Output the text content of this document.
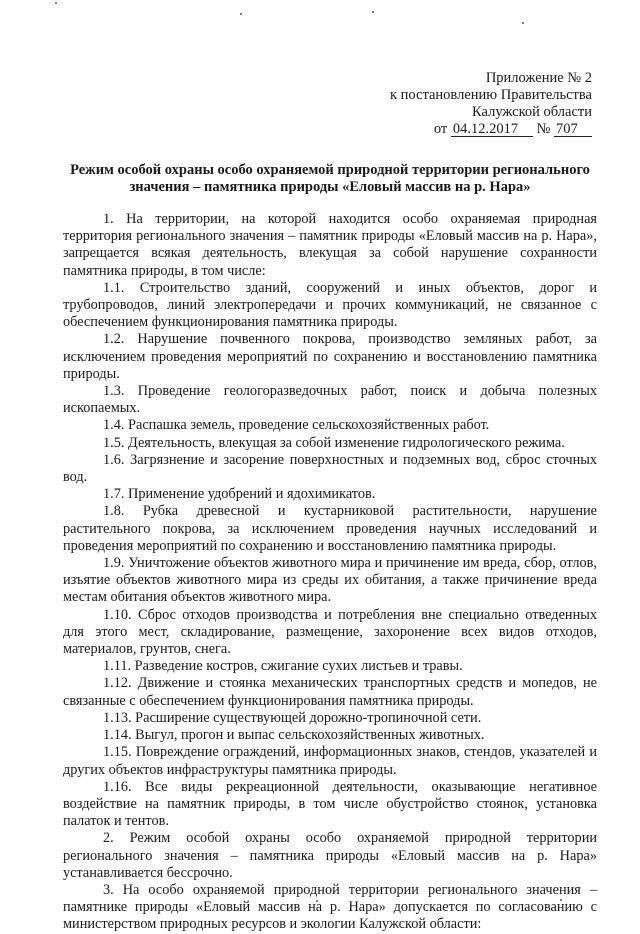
Приложение № 2
к постановлению Правительства
Калужской области
от 04.12.2017 № 707
Режим особой охраны особо охраняемой природной территории регионального
значения – памятника природы «Еловый массив на р. Нара»

1. На территории, на которой находится особо охраняемая природная территория регионального значения – памятник природы «Еловый массив на р. Нара», запрещается всякая деятельность, влекущая за собой нарушение сохранности памятника природы, в том числе:

1.1. Строительство зданий, сооружений и иных объектов, дорог и трубопроводов, линий электропередачи и прочих коммуникаций, не связанное с обеспечением функционирования памятника природы.

1.2. Нарушение почвенного покрова, производство земляных работ, за исключением проведения мероприятий по сохранению и восстановлению памятника природы.

1.3. Проведение геологоразведочных работ, поиск и добыча полезных ископаемых.

1.4. Распашка земель, проведение сельскохозяйственных работ.

1.5. Деятельность, влекущая за собой изменение гидрологического режима.

1.6. Загрязнение и засорение поверхностных и подземных вод, сброс сточных вод.

1.7. Применение удобрений и ядохимикатов.

1.8. Рубка древесной и кустарниковой растительности, нарушение растительного покрова, за исключением проведения научных исследований и проведения мероприятий по сохранению и восстановлению памятника природы.

1.9. Уничтожение объектов животного мира и причинение им вреда, сбор, отлов, изъятие объектов животного мира из среды их обитания, а также причинение вреда местам обитания объектов животного мира.

1.10. Сброс отходов производства и потребления вне специально отведенных для этого мест, складирование, размещение, захоронение всех видов отходов, материалов, грунтов, снега.

1.11. Разведение костров, сжигание сухих листьев и травы.

1.12. Движение и стоянка механических транспортных средств и мопедов, не связанные с обеспечением функционирования памятника природы.

1.13. Расширение существующей дорожно-тропиночной сети.

1.14. Выгул, прогон и выпас сельскохозяйственных животных.

1.15. Повреждение ограждений, информационных знаков, стендов, указателей и других объектов инфраструктуры памятника природы.

1.16. Все виды рекреационной деятельности, оказывающие негативное воздействие на памятник природы, в том числе обустройство стоянок, установка палаток и тентов.

2. Режим особой охраны особо охраняемой природной территории регионального значения – памятника природы «Еловый массив на р. Нара» устанавливается бессрочно.

3. На особо охраняемой природной территории регионального значения – памятнике природы «Еловый массив на р. Нара» допускается по согласованию с министерством природных ресурсов и экологии Калужской области:
